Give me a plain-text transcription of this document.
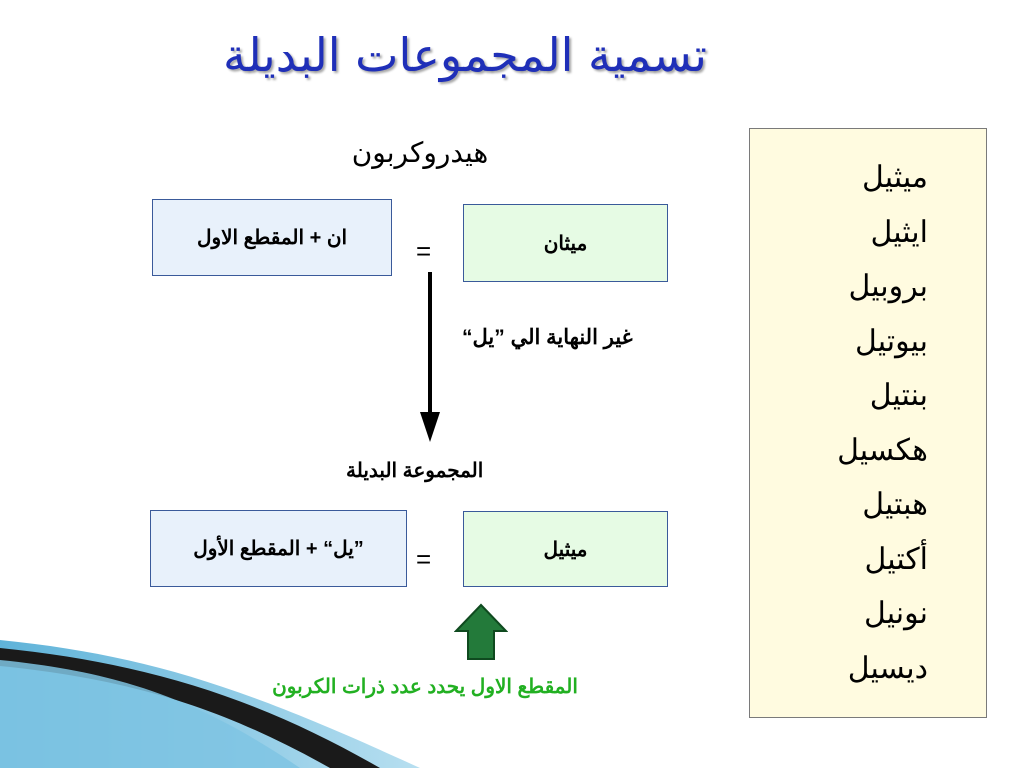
تسمية المجموعات البديلة
هيدروكربون
ان + المقطع الاول	=	ميثان
غير النهاية الي ”يل“
المجموعة البديلة
”يل“ + المقطع الأول =	ميثيل
المقطع الاول يحدد عدد ذرات الكربون
ميثيل
ايثيل
بروبيل
بيوتيل
بنتيل
هكسيل
هبتيل
أكتيل
نونيل
ديسيل
